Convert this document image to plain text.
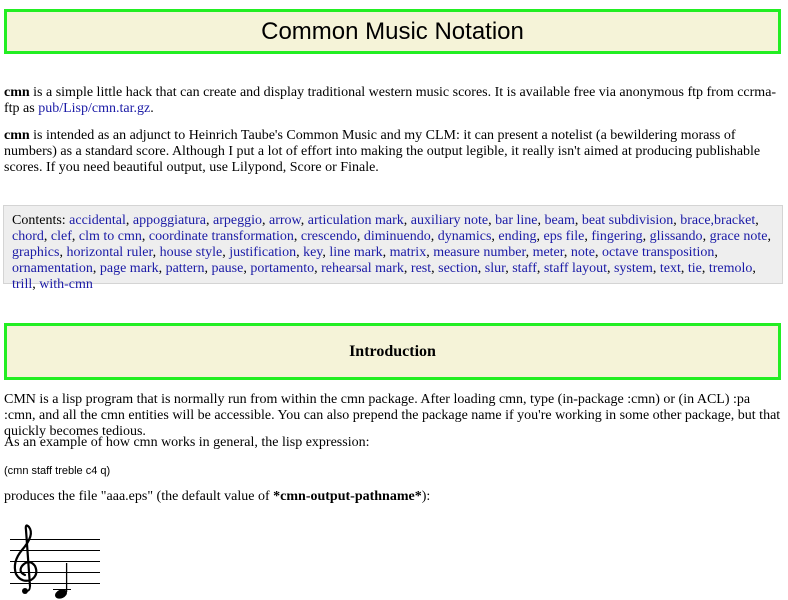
Common Music Notation

cmn is a simple little hack that can create and display traditional western music scores. It is available free via anonymous ftp from ccrma-ftp as pub/Lisp/cmn.tar.gz.

cmn is intended as an adjunct to Heinrich Taube's Common Music and my CLM: it can present a notelist (a bewildering morass of numbers) as a standard score. Although I put a lot of effort into making the output legible, it really isn't aimed at producing publishable scores. If you need beautiful output, use Lilypond, Score or Finale.

Contents: accidental, appoggiatura, arpeggio, arrow, articulation mark, auxiliary note, bar line, beam, beat subdivision, brace,bracket, chord, clef, clm to cmn, coordinate transformation, crescendo, diminuendo, dynamics, ending, eps file, fingering, glissando, grace note, graphics, horizontal ruler, house style, justification, key, line mark, matrix, measure number, meter, note, octave transposition, ornamentation, page mark, pattern, pause, portamento, rehearsal mark, rest, section, slur, staff, staff layout, system, text, tie, tremolo, trill, with-cmn
Introduction

CMN is a lisp program that is normally run from within the cmn package. After loading cmn, type (in-package :cmn) or (in ACL) :pa :cmn, and all the cmn entities will be accessible. You can also prepend the package name if you're working in some other package, but that quickly becomes tedious.

As an example of how cmn works in general, the lisp expression:

(cmn staff treble c4 q)

produces the file "aaa.eps" (the default value of *cmn-output-pathname*):
